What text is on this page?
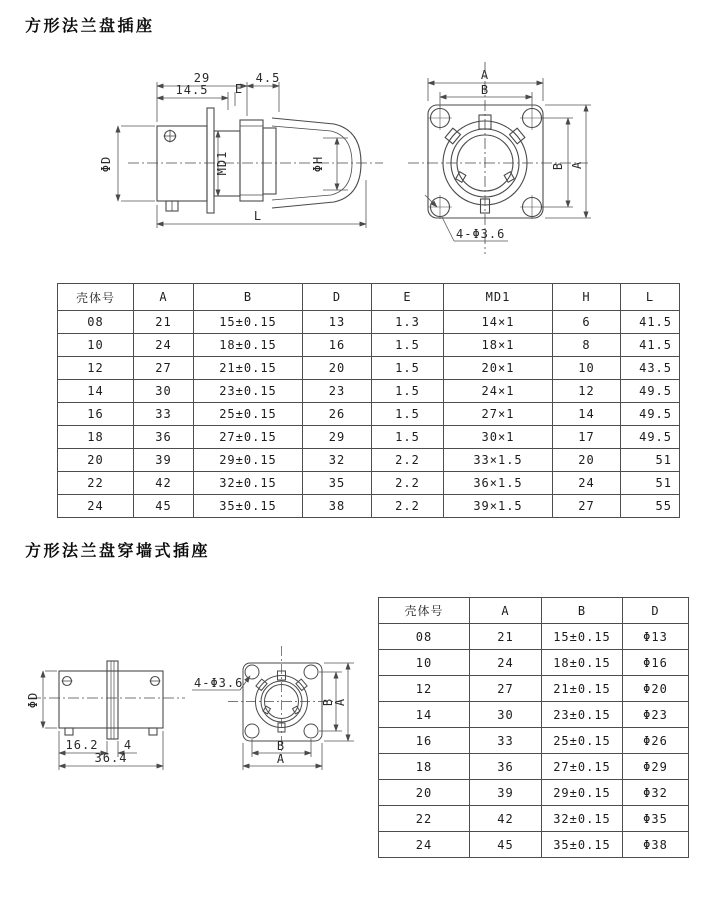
方形法兰盘插座
29	4.5
14.5 E
ΦD	MD1	ΦH
L
A
B
B A
4-Φ3.6
壳体号	A	B	D	E	MD1	H	L
08	21	15±0.15	13	1.3	14×1	6	41.5
10	24	18±0.15	16	1.5	18×1	8	41.5
12	27	21±0.15	20	1.5	20×1	10	43.5
14	30	23±0.15	23	1.5	24×1	12	49.5
16	33	25±0.15	26	1.5	27×1	14	49.5
18	36	27±0.15	29	1.5	30×1	17	49.5
20	39	29±0.15	32	2.2	33×1.5	20	51
22	42	32±0.15	35	2.2	36×1.5	24	51
24	45	35±0.15	38	2.2	39×1.5	27	55
方形法兰盘穿墙式插座
ΦD
16.2 4
36.4
4-Φ3.6
B
A
B
A
壳体号	A	B	D
08	21	15±0.15	Φ13
10	24	18±0.15	Φ16
12	27	21±0.15	Φ20
14	30	23±0.15	Φ23
16	33	25±0.15	Φ26
18	36	27±0.15	Φ29
20	39	29±0.15	Φ32
22	42	32±0.15	Φ35
24	45	35±0.15	Φ38
